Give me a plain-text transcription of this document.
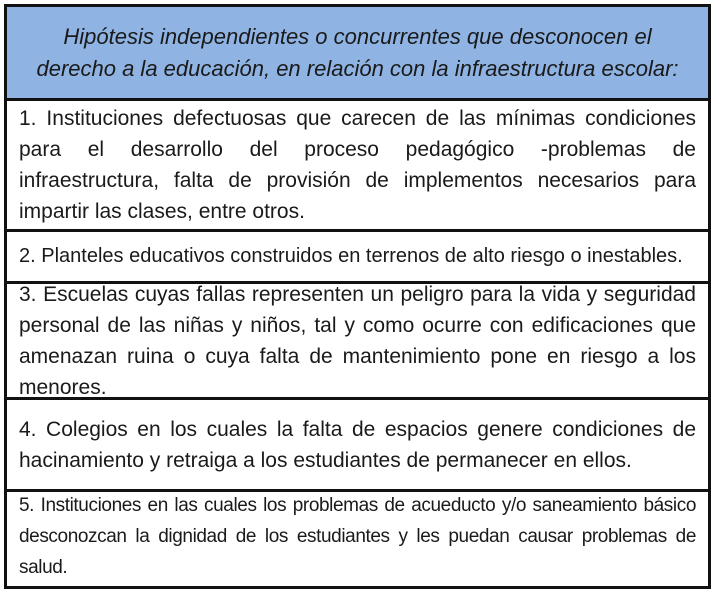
Hipótesis independientes o concurrentes que desconocen el derecho a la educación, en relación con la infraestructura escolar:

1. Instituciones defectuosas que carecen de las mínimas condiciones para el desarrollo del proceso pedagógico -problemas de infraestructura, falta de provisión de implementos necesarios para impartir las clases, entre otros.

2. Planteles educativos construidos en terrenos de alto riesgo o inestables.

3. Escuelas cuyas fallas representen un peligro para la vida y seguridad personal de las niñas y niños, tal y como ocurre con edificaciones que amenazan ruina o cuya falta de mantenimiento pone en riesgo a los menores.

4. Colegios en los cuales la falta de espacios genere condiciones de hacinamiento y retraiga a los estudiantes de permanecer en ellos.

5. Instituciones en las cuales los problemas de acueducto y/o saneamiento básico desconozcan la dignidad de los estudiantes y les puedan causar problemas de salud.
